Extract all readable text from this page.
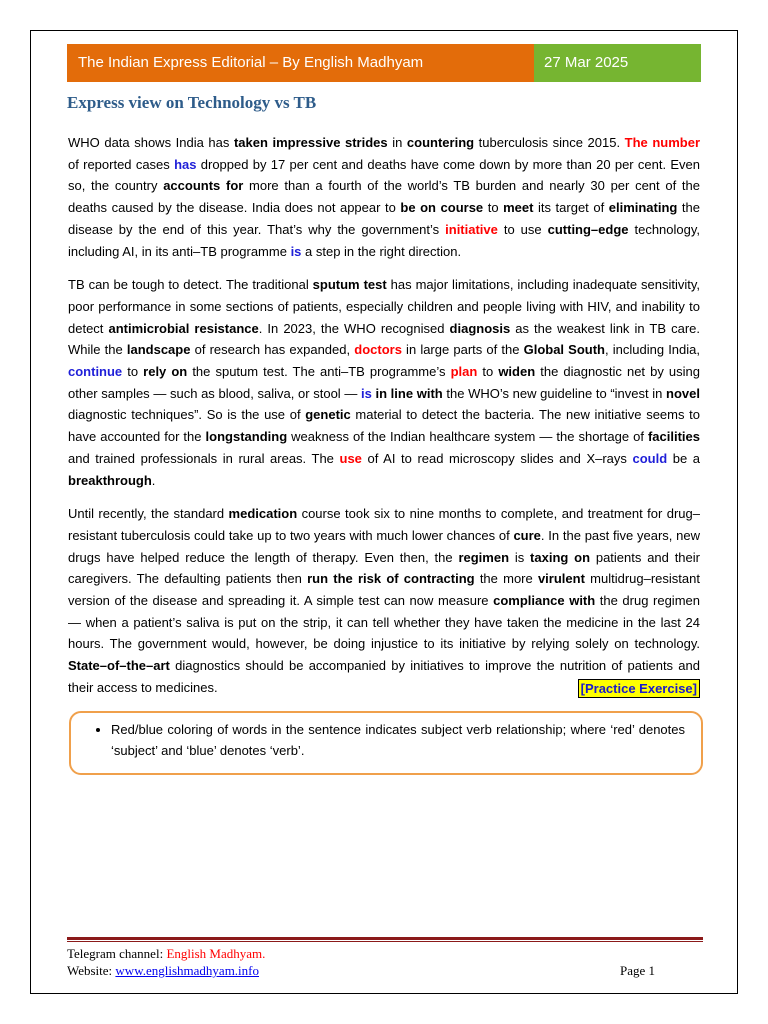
The Indian Express Editorial – By English Madhyam	27 Mar 2025
Express view on Technology vs TB

WHO data shows India has taken impressive strides in countering tuberculosis since 2015. The number of reported cases has dropped by 17 per cent and deaths have come down by more than 20 per cent. Even so, the country accounts for more than a fourth of the world’s TB burden and nearly 30 per cent of the deaths caused by the disease. India does not appear to be on course to meet its target of eliminating the disease by the end of this year. That’s why the government’s initiative to use cutting–edge technology, including AI, in its anti–TB programme is a step in the right direction.

TB can be tough to detect. The traditional sputum test has major limitations, including inadequate sensitivity, poor performance in some sections of patients, especially children and people living with HIV, and inability to detect antimicrobial resistance. In 2023, the WHO recognised diagnosis as the weakest link in TB care. While the landscape of research has expanded, doctors in large parts of the Global South, including India, continue to rely on the sputum test. The anti–TB programme’s plan to widen the diagnostic net by using other samples — such as blood, saliva, or stool — is in line with the WHO’s new guideline to “invest in novel diagnostic techniques”. So is the use of genetic material to detect the bacteria. The new initiative seems to have accounted for the longstanding weakness of the Indian healthcare system — the shortage of facilities and trained professionals in rural areas. The use of AI to read microscopy slides and X–rays could be a breakthrough.

Until recently, the standard medication course took six to nine months to complete, and treatment for drug–resistant tuberculosis could take up to two years with much lower chances of cure. In the past five years, new drugs have helped reduce the length of therapy. Even then, the regimen is taxing on patients and their caregivers. The defaulting patients then run the risk of contracting the more virulent multidrug–resistant version of the disease and spreading it. A simple test can now measure compliance with the drug regimen — when a patient’s saliva is put on the strip, it can tell whether they have taken the medicine in the last 24 hours. The government would, however, be doing injustice to its initiative by relying solely on technology. State–of–the–art diagnostics should be accompanied by initiatives to improve the nutrition of patients and their access to medicines.	[Practice Exercise]

• Red/blue coloring of words in the sentence indicates subject verb relationship; where ‘red’ denotes ‘subject’ and ‘blue’ denotes ‘verb’.
Telegram channel: English Madhyam.
Website: www.englishmadhyam.info	Page 1
